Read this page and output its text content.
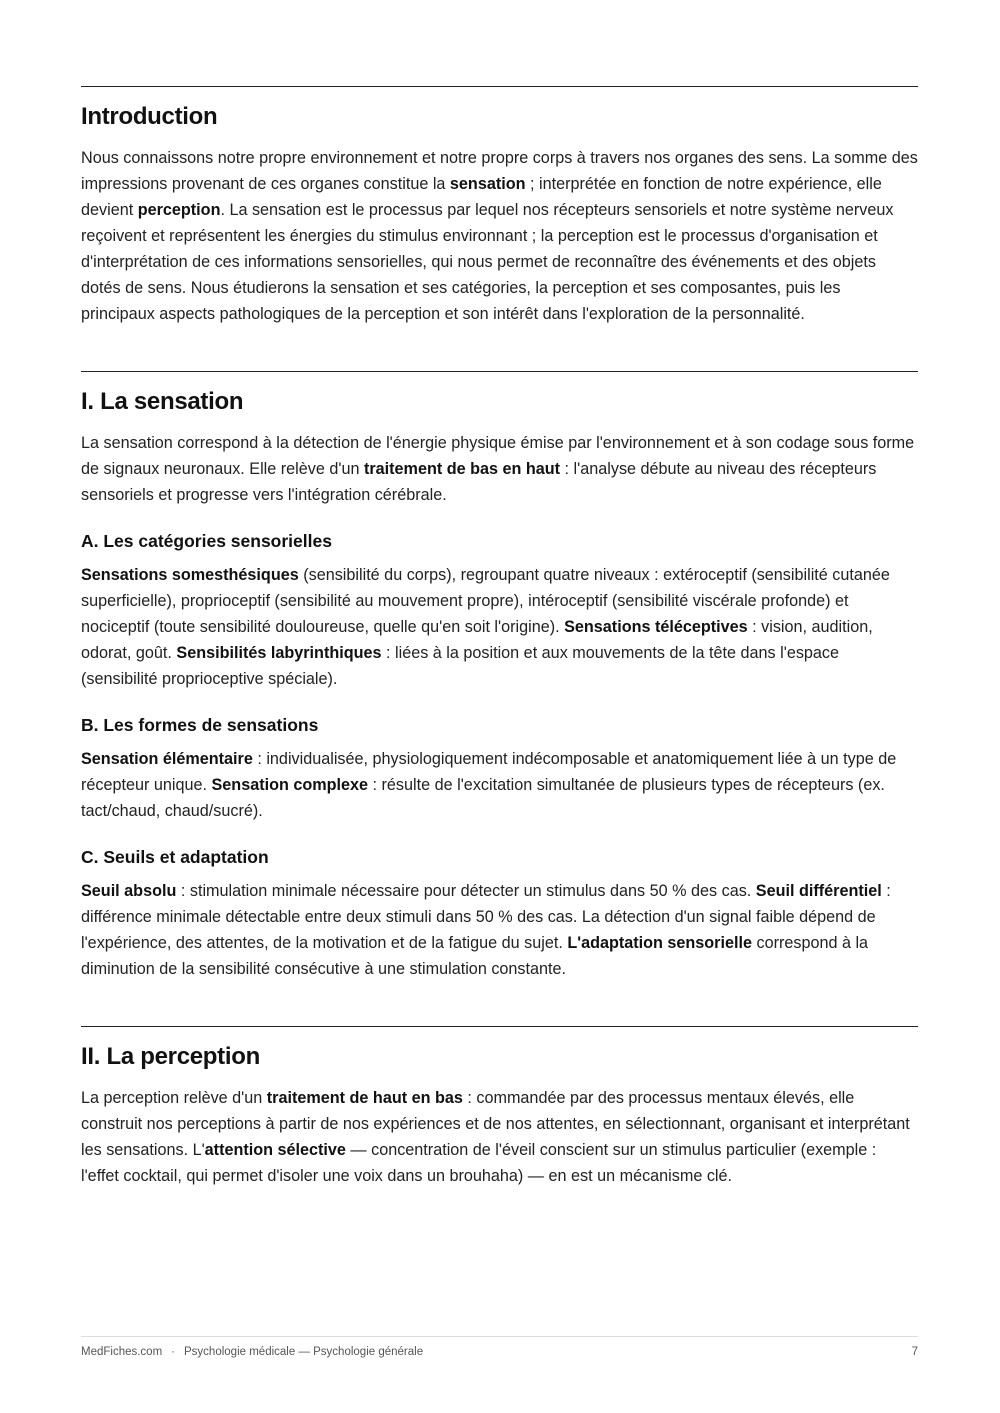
Introduction

Nous connaissons notre propre environnement et notre propre corps à travers nos organes des sens. La somme des impressions provenant de ces organes constitue la sensation ; interprétée en fonction de notre expérience, elle devient perception. La sensation est le processus par lequel nos récepteurs sensoriels et notre système nerveux reçoivent et représentent les énergies du stimulus environnant ; la perception est le processus d'organisation et d'interprétation de ces informations sensorielles, qui nous permet de reconnaître des événements et des objets dotés de sens. Nous étudierons la sensation et ses catégories, la perception et ses composantes, puis les principaux aspects pathologiques de la perception et son intérêt dans l'exploration de la personnalité.

I. La sensation

La sensation correspond à la détection de l'énergie physique émise par l'environnement et à son codage sous forme de signaux neuronaux. Elle relève d'un traitement de bas en haut : l'analyse débute au niveau des récepteurs sensoriels et progresse vers l'intégration cérébrale.

A. Les catégories sensorielles

Sensations somesthésiques (sensibilité du corps), regroupant quatre niveaux : extéroceptif (sensibilité cutanée superficielle), proprioceptif (sensibilité au mouvement propre), intéroceptif (sensibilité viscérale profonde) et nociceptif (toute sensibilité douloureuse, quelle qu'en soit l'origine). Sensations téléceptives : vision, audition, odorat, goût. Sensibilités labyrinthiques : liées à la position et aux mouvements de la tête dans l'espace (sensibilité proprioceptive spéciale).

B. Les formes de sensations

Sensation élémentaire : individualisée, physiologiquement indécomposable et anatomiquement liée à un type de récepteur unique. Sensation complexe : résulte de l'excitation simultanée de plusieurs types de récepteurs (ex. tact/chaud, chaud/sucré).

C. Seuils et adaptation

Seuil absolu : stimulation minimale nécessaire pour détecter un stimulus dans 50 % des cas. Seuil différentiel : différence minimale détectable entre deux stimuli dans 50 % des cas. La détection d'un signal faible dépend de l'expérience, des attentes, de la motivation et de la fatigue du sujet. L'adaptation sensorielle correspond à la diminution de la sensibilité consécutive à une stimulation constante.

II. La perception

La perception relève d'un traitement de haut en bas : commandée par des processus mentaux élevés, elle construit nos perceptions à partir de nos expériences et de nos attentes, en sélectionnant, organisant et interprétant les sensations. L'attention sélective — concentration de l'éveil conscient sur un stimulus particulier (exemple : l'effet cocktail, qui permet d'isoler une voix dans un brouhaha) — en est un mécanisme clé.

MedFiches.com · Psychologie médicale — Psychologie générale	7
